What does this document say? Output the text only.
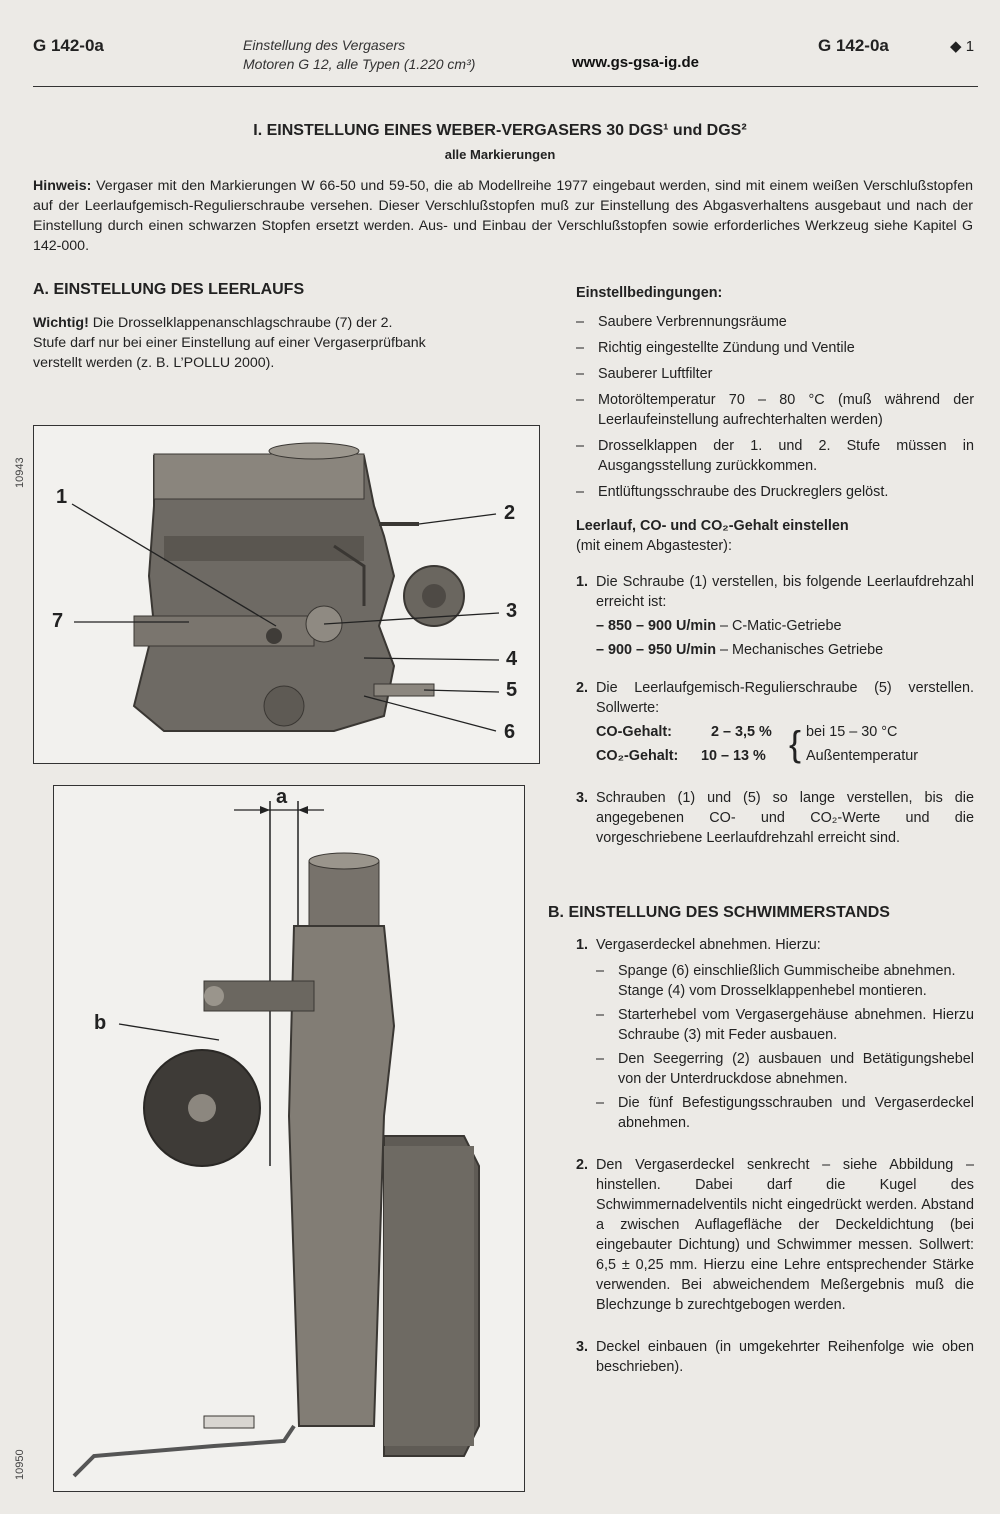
G 142-0a	Einstellung des Vergasers
Motoren G 12, alle Typen (1.220 cm³)	www.gs-gsa-ig.de
G 142-0a	◆ 1
I. EINSTELLUNG EINES WEBER-VERGASERS 30 DGS¹ und DGS²
alle Markierungen
Hinweis: Vergaser mit den Markierungen W 66-50 und 59-50, die ab Modellreihe 1977 eingebaut werden, sind mit einem weißen Verschlußstopfen auf der Leerlaufgemisch-Regulierschraube versehen. Dieser Verschlußstopfen muß zur Einstellung des Abgasverhaltens ausgebaut und nach der Einstellung durch einen schwarzen Stopfen ersetzt werden. Aus- und Einbau der Verschlußstopfen sowie erforderliches Werkzeug siehe Kapitel G 142-000.
A. EINSTELLUNG DES LEERLAUFS
Wichtig! Die Drosselklappenanschlagschraube (7) der 2. Stufe darf nur bei einer Einstellung auf einer Vergaserprüfbank verstellt werden (z. B. L’POLLU 2000).
10943
1
2
3
4
5
6
7
10950
a
b
Einstellbedingungen:
– Saubere Verbrennungsräume
– Richtig eingestellte Zündung und Ventile
– Sauberer Luftfilter
– Motoröltemperatur 70 – 80 °C (muß während der Leerlaufeinstellung aufrechterhalten werden)
– Drosselklappen der 1. und 2. Stufe müssen in Ausgangsstellung zurückkommen.
– Entlüftungsschraube des Druckreglers gelöst.
Leerlauf, CO- und CO₂-Gehalt einstellen
(mit einem Abgastester):
1. Die Schraube (1) verstellen, bis folgende Leerlaufdrehzahl erreicht ist:
– 850 – 900 U/min – C-Matic-Getriebe
– 900 – 950 U/min – Mechanisches Getriebe
2. Die Leerlaufgemisch-Regulierschraube (5) verstellen. Sollwerte:
CO-Gehalt:	2 – 3,5 %
CO₂-Gehalt: 10 – 13 % { bei 15 – 30 °C
Außentemperatur
3. Schrauben (1) und (5) so lange verstellen, bis die angegebenen CO- und CO₂-Werte und die vorgeschriebene Leerlaufdrehzahl erreicht sind.
B. EINSTELLUNG DES SCHWIMMERSTANDS
1. Vergaserdeckel abnehmen. Hierzu:
– Spange (6) einschließlich Gummischeibe abnehmen.
Stange (4) vom Drosselklappenhebel montieren.
– Starterhebel vom Vergasergehäuse abnehmen. Hierzu Schraube (3) mit Feder ausbauen.
– Den Seegerring (2) ausbauen und Betätigungshebel von der Unterdruckdose abnehmen.
– Die fünf Befestigungsschrauben und Vergaserdeckel abnehmen.
2. Den Vergaserdeckel senkrecht – siehe Abbildung – hinstellen. Dabei darf die Kugel des Schwimmernadelventils nicht eingedrückt werden. Abstand a zwischen Auflagefläche der Deckeldichtung (bei eingebauter Dichtung) und Schwimmer messen. Sollwert: 6,5 ± 0,25 mm. Hierzu eine Lehre entsprechender Stärke verwenden. Bei abweichendem Meßergebnis muß die Blechzunge b zurechtgebogen werden.
3. Deckel einbauen (in umgekehrter Reihenfolge wie oben beschrieben).
